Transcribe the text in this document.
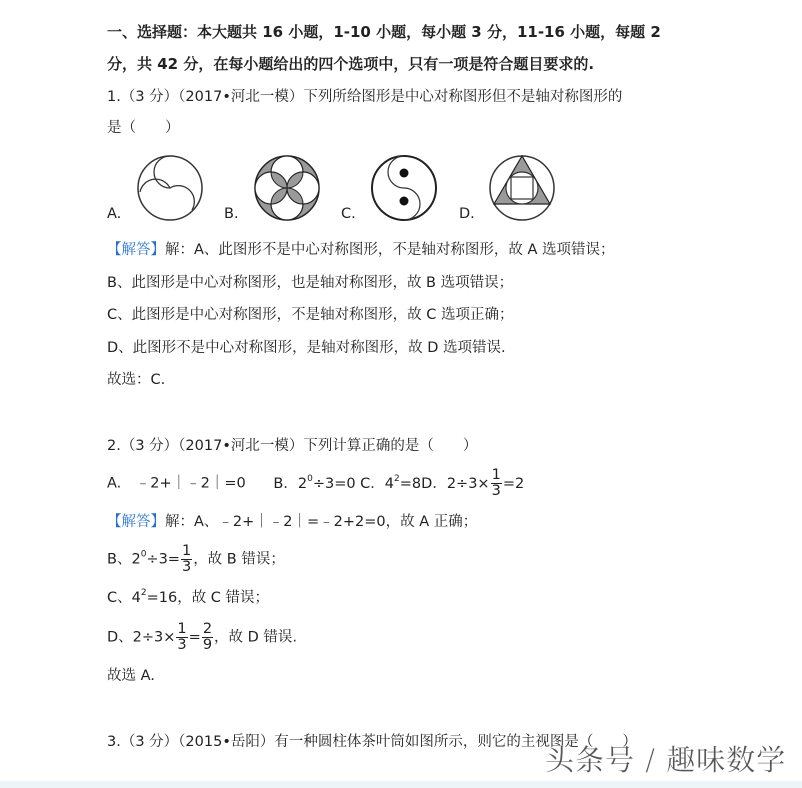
一、选择题：本大题共 16 小题，1-10 小题，每小题 3 分，11-16 小题，每题 2
分，共 42 分，在每小题给出的四个选项中，只有一项是符合题目要求的.
1.（3 分）（2017•河北一模）下列所给图形是中心对称图形但不是轴对称图形的
是（　　）
A.	B.	C.	D.
【解答】解：A、此图形不是中心对称图形，不是轴对称图形，故 A 选项错误；
B、此图形是中心对称图形，也是轴对称图形，故 B 选项错误；
C、此图形是中心对称图形，不是轴对称图形，故 C 选项正确；
D、此图形不是中心对称图形，是轴对称图形，故 D 选项错误.
故选：C.
2.（3 分）（2017•河北一模）下列计算正确的是（　　）
A.　﹣2+｜﹣2｜=0 B．$2^0\div 3=0$ C．$4^2=8D$．$2\div 3\times \frac{1}{3} =2$
【解答】解：A、﹣2+｜﹣2｜=﹣2+2=0，故 A 正确；
B、$2^0\div 3= \frac{1}{3}$ ，故 B 错误；
C、$4^2=16$，故 C 错误；
D、$2\div 3\times \frac{1}{3} = \frac{2}{9}$ ，故 D 错误.
故选 A.
3.（3 分）（2015•岳阳）有一种圆柱体茶叶筒如图所示，则它的主视图是（　　）
头条号 / 趣味数学
